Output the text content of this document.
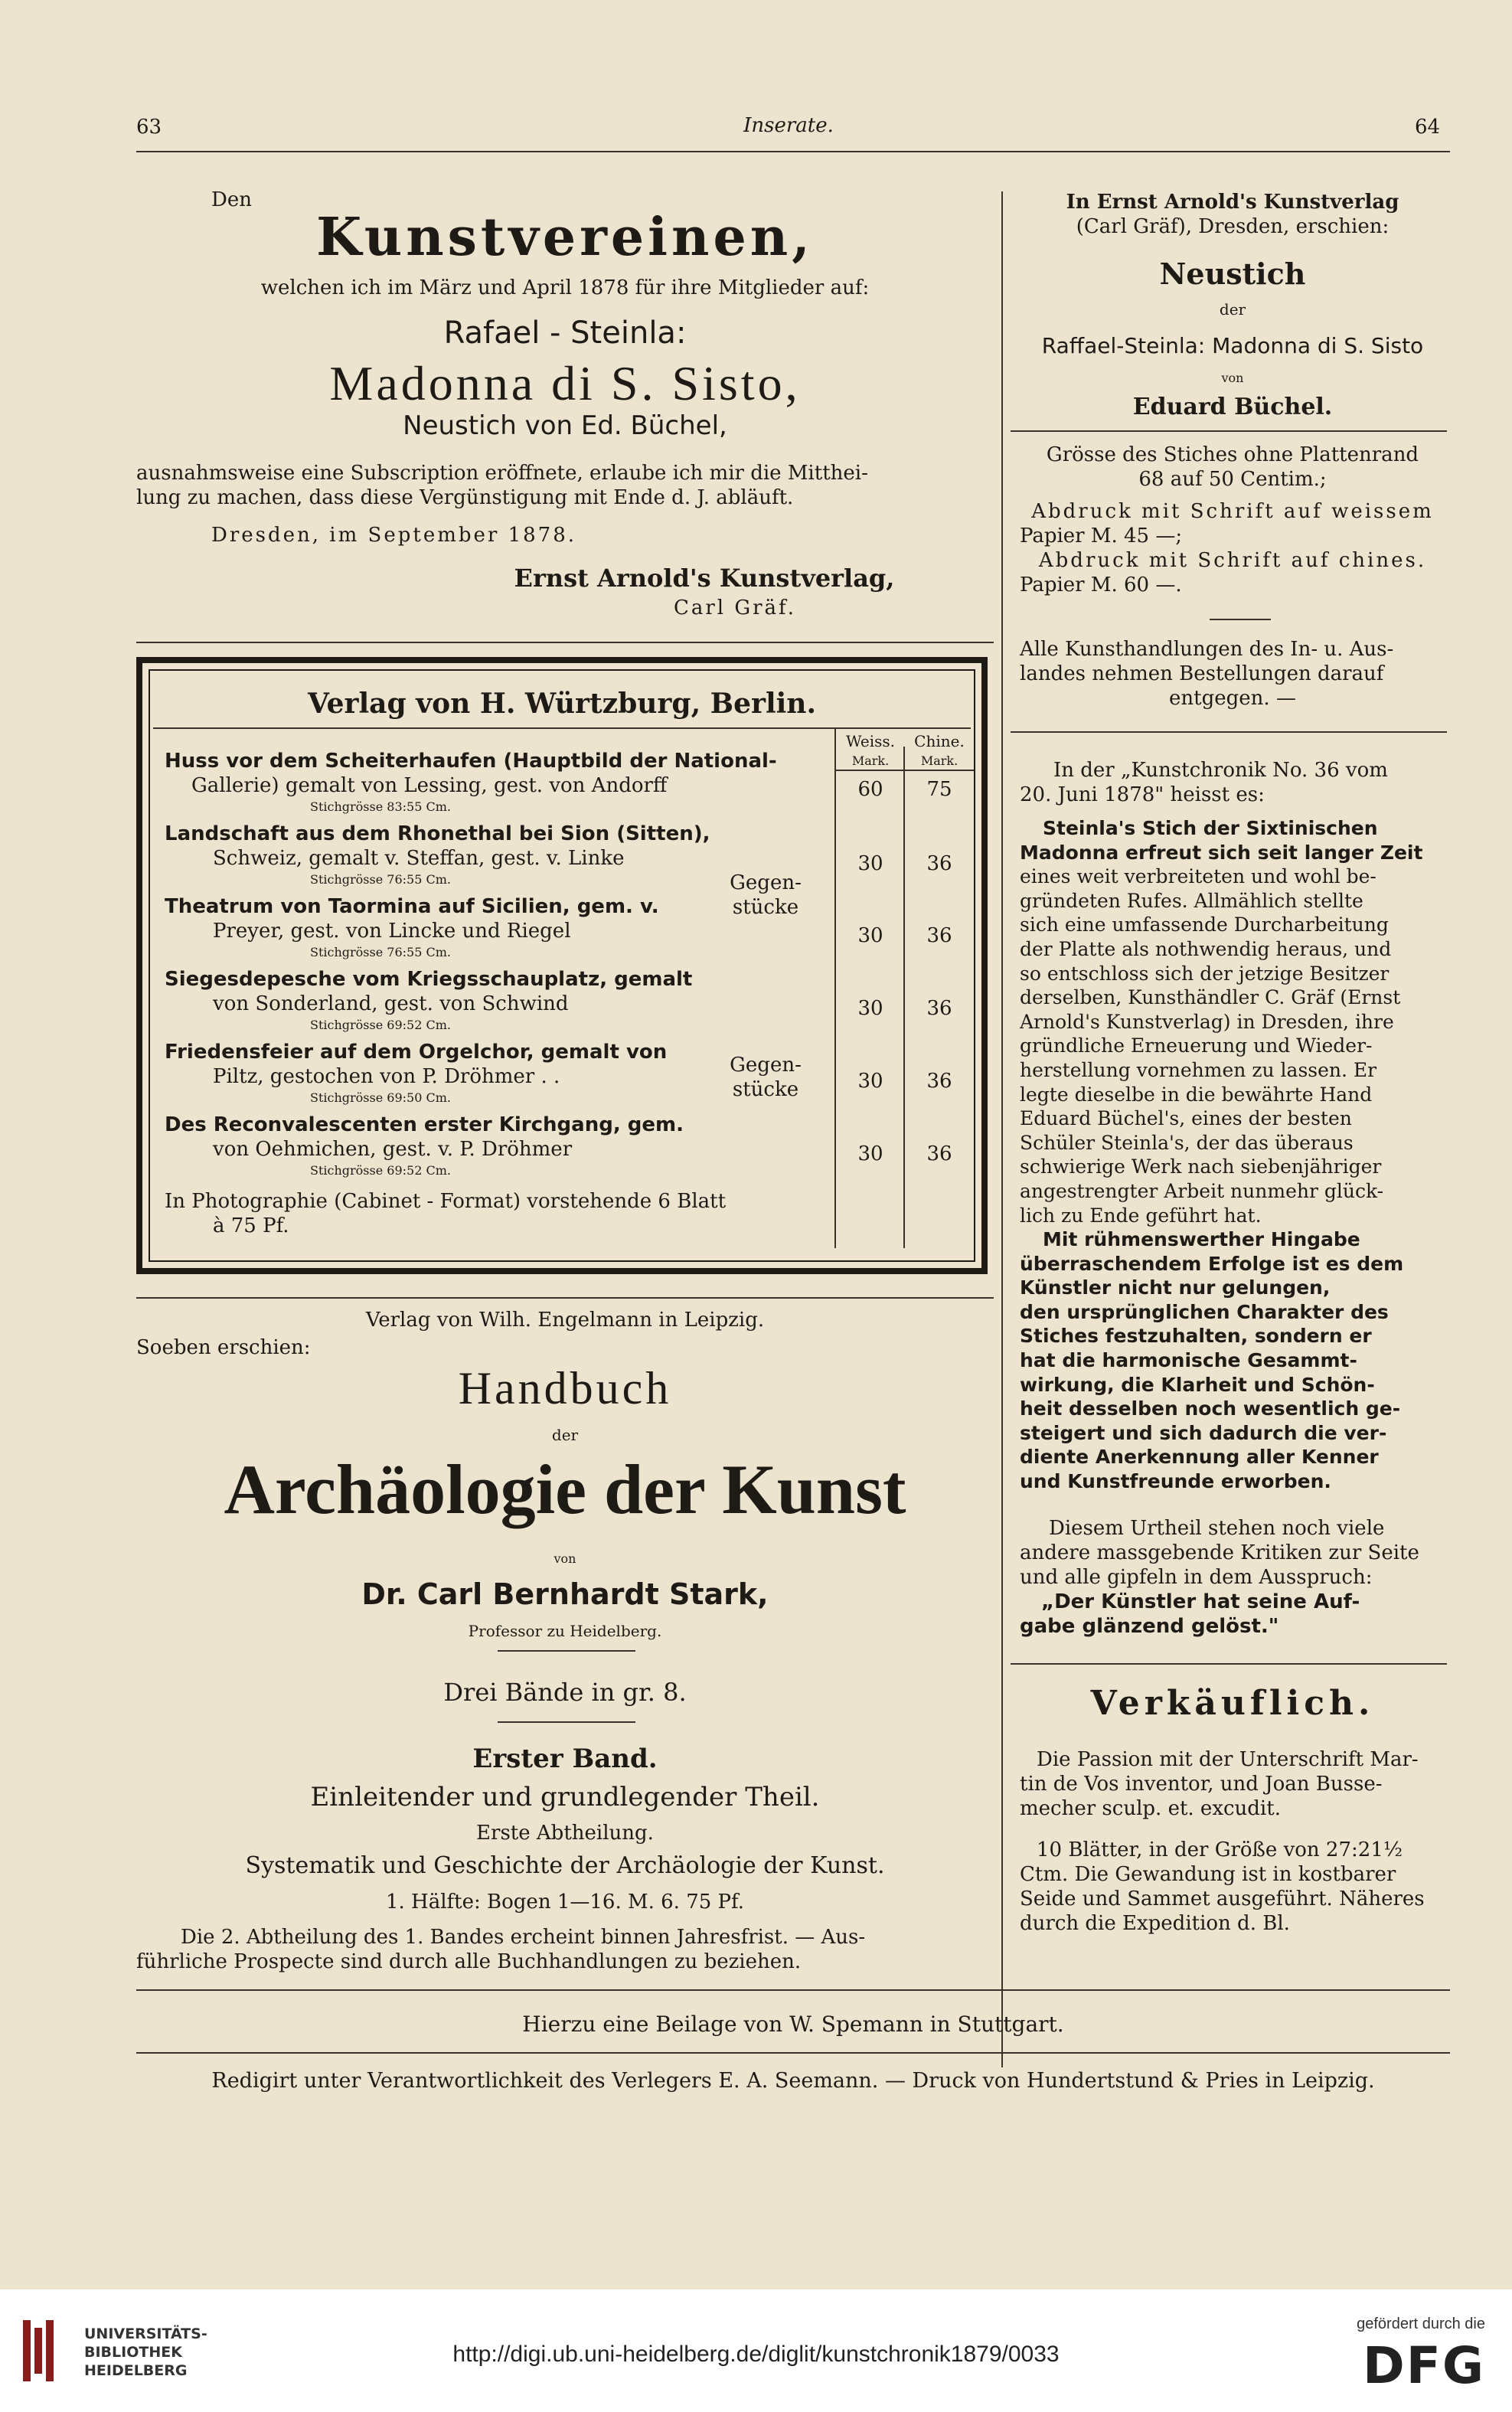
63	Inserate.	64
Den
Kunstvereinen,
welchen ich im März und April 1878 für ihre Mitglieder auf:
Rafael - Steinla:
Madonna di S. Sisto,
Neustich von Ed. Büchel,
ausnahmsweise eine Subscription eröffnete, erlaube ich mir die Mitthei-
lung zu machen, dass diese Vergünstigung mit Ende d. J. abläuft.
Dresden, im September 1878.
Ernst Arnold's Kunstverlag,
Carl Gräf.
Verlag von H. Würtzburg, Berlin.
Weiss.	Chine.
Mark.	Mark.
Gegen-
stücke
Gegen-
stücke
Huss vor dem Scheiterhaufen (Hauptbild der National-
Gallerie) gemalt von Lessing, gest. von Andorff
Stichgrösse 83:55 Cm.
60	75
Landschaft aus dem Rhonethal bei Sion (Sitten),
Schweiz, gemalt v. Steffan, gest. v. Linke
Stichgrösse 76:55 Cm.
30	36
Theatrum von Taormina auf Sicilien, gem. v.
Preyer, gest. von Lincke und Riegel
Stichgrösse 76:55 Cm.
30	36
Siegesdepesche vom Kriegsschauplatz, gemalt
von Sonderland, gest. von Schwind
Stichgrösse 69:52 Cm.
30	36
Friedensfeier auf dem Orgelchor, gemalt von
Piltz, gestochen von P. Dröhmer . .
Stichgrösse 69:50 Cm.
30	36
Des Reconvalescenten erster Kirchgang, gem.
von Oehmichen, gest. v. P. Dröhmer
Stichgrösse 69:52 Cm.
30	36
In Photographie (Cabinet - Format) vorstehende 6 Blatt
à 75 Pf.
Verlag von Wilh. Engelmann in Leipzig.
Soeben erschien:
Handbuch
der
Archäologie der Kunst
von
Dr. Carl Bernhardt Stark,
Professor zu Heidelberg.
Drei Bände in gr. 8.
Erster Band.
Einleitender und grundlegender Theil.
Erste Abtheilung.
Systematik und Geschichte der Archäologie der Kunst.
1. Hälfte: Bogen 1—16. M. 6. 75 Pf.
Die 2. Abtheilung des 1. Bandes ercheint binnen Jahresfrist. — Aus-
führliche Prospecte sind durch alle Buchhandlungen zu beziehen.
In Ernst Arnold's Kunstverlag
(Carl Gräf), Dresden, erschien:
Neustich
der
Raffael-Steinla: Madonna di S. Sisto
von
Eduard Büchel.
Grösse des Stiches ohne Plattenrand
68 auf 50 Centim.;
Abdruck mit Schrift auf weissem
Papier M. 45 —;
Abdruck mit Schrift auf chines.
Papier M. 60 —.
Alle Kunsthandlungen des In- u. Aus-
landes nehmen Bestellungen darauf
entgegen. —
In der „Kunstchronik No. 36 vom
20. Juni 1878" heisst es:
Steinla's Stich der Sixtinischen
Madonna erfreut sich seit langer Zeit
eines weit verbreiteten und wohl be-
gründeten Rufes. Allmählich stellte
sich eine umfassende Durcharbeitung
der Platte als nothwendig heraus, und
so entschloss sich der jetzige Besitzer
derselben, Kunsthändler C. Gräf (Ernst
Arnold's Kunstverlag) in Dresden, ihre
gründliche Erneuerung und Wieder-
herstellung vornehmen zu lassen. Er
legte dieselbe in die bewährte Hand
Eduard Büchel's, eines der besten
Schüler Steinla's, der das überaus
schwierige Werk nach siebenjähriger
angestrengter Arbeit nunmehr glück-
lich zu Ende geführt hat.
Mit rühmenswerther Hingabe
überraschendem Erfolge ist es dem
Künstler nicht nur gelungen,
den ursprünglichen Charakter des
Stiches festzuhalten, sondern er
hat die harmonische Gesammt-
wirkung, die Klarheit und Schön-
heit desselben noch wesentlich ge-
steigert und sich dadurch die ver-
diente Anerkennung aller Kenner
und Kunstfreunde erworben.
Diesem Urtheil stehen noch viele
andere massgebende Kritiken zur Seite
und alle gipfeln in dem Ausspruch:
„Der Künstler hat seine Auf-
gabe glänzend gelöst."
Verkäuflich.
Die Passion mit der Unterschrift Mar-
tin de Vos inventor, und Joan Busse-
mecher sculp. et. excudit.
10 Blätter, in der Größe von 27:21½
Ctm. Die Gewandung ist in kostbarer
Seide und Sammet ausgeführt. Näheres
durch die Expedition d. Bl.
Hierzu eine Beilage von W. Spemann in Stuttgart.
Redigirt unter Verantwortlichkeit des Verlegers E. A. Seemann. — Druck von Hundertstund & Pries in Leipzig.
UNIVERSITÄTS-
BIBLIOTHEK
HEIDELBERG
http://digi.ub.uni-heidelberg.de/diglit/kunstchronik1879/0033
gefördert durch die
DFG
